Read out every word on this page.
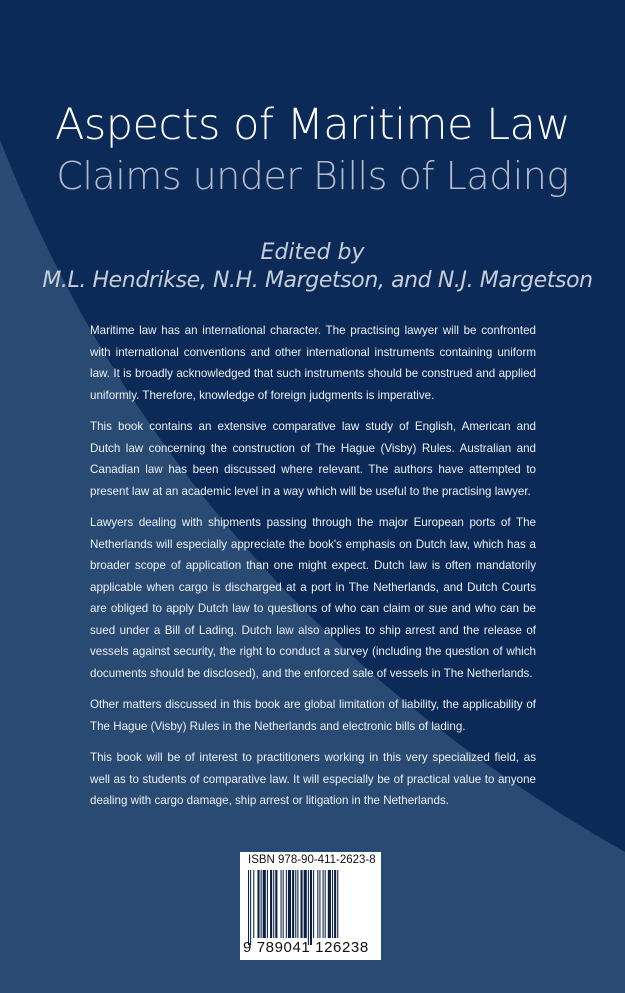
Aspects of Maritime Law
Claims under Bills of Lading
Edited by
M.L. Hendrikse, N.H. Margetson, and N.J. Margetson

Maritime law has an international character. The practising lawyer will be confronted with international conventions and other international instruments containing uniform law. It is broadly acknowledged that such instruments should be construed and applied uniformly. Therefore, knowledge of foreign judgments is imperative.

This book contains an extensive comparative law study of English, American and Dutch law concerning the construction of The Hague (Visby) Rules. Australian and Canadian law has been discussed where relevant. The authors have attempted to present law at an academic level in a way which will be useful to the practising lawyer.

Lawyers dealing with shipments passing through the major European ports of The Netherlands will especially appreciate the book's emphasis on Dutch law, which has a broader scope of application than one might expect. Dutch law is often mandatorily applicable when cargo is discharged at a port in The Netherlands, and Dutch Courts are obliged to apply Dutch law to questions of who can claim or sue and who can be sued under a Bill of Lading. Dutch law also applies to ship arrest and the release of vessels against security, the right to conduct a survey (including the question of which documents should be disclosed), and the enforced sale of vessels in The Netherlands.

Other matters discussed in this book are global limitation of liability, the applicability of The Hague (Visby) Rules in the Netherlands and electronic bills of lading.

This book will be of interest to practitioners working in this very specialized field, as well as to students of comparative law. It will especially be of practical value to anyone dealing with cargo damage, ship arrest or litigation in the Netherlands.

ISBN 978-90-411-2623-8
9 789041 126238
